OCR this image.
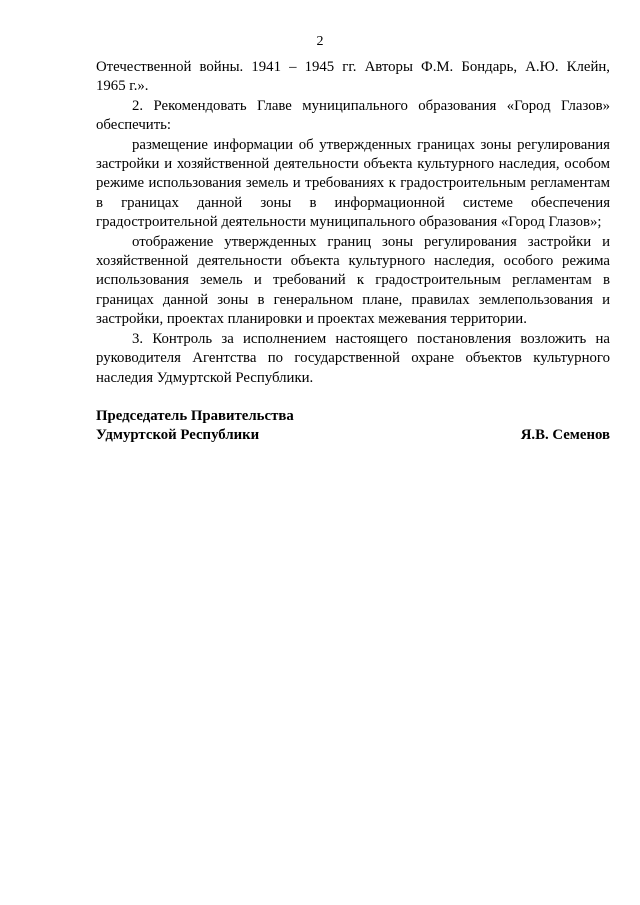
2

Отечественной войны. 1941 – 1945 гг. Авторы Ф.М. Бондарь, А.Ю. Клейн,

1965 г.».

2. Рекомендовать Главе муниципального образования «Город Глазов» обеспечить:

размещение информации об утвержденных границах зоны регулирования застройки и хозяйственной деятельности объекта культурного наследия, особом режиме использования земель и требованиях к градостроительным регламентам в границах данной зоны в информационной системе обеспечения градостроительной деятельности муниципального образования «Город Глазов»;

отображение утвержденных границ зоны регулирования застройки и хозяйственной деятельности объекта культурного наследия, особого режима использования земель и требований к градостроительным регламентам в границах данной зоны в генеральном плане, правилах землепользования и застройки, проектах планировки и проектах межевания территории.

3. Контроль за исполнением настоящего постановления возложить на руководителя Агентства по государственной охране объектов культурного наследия Удмуртской Республики.

Председатель Правительства
Удмуртской Республики	Я.В. Семенов
